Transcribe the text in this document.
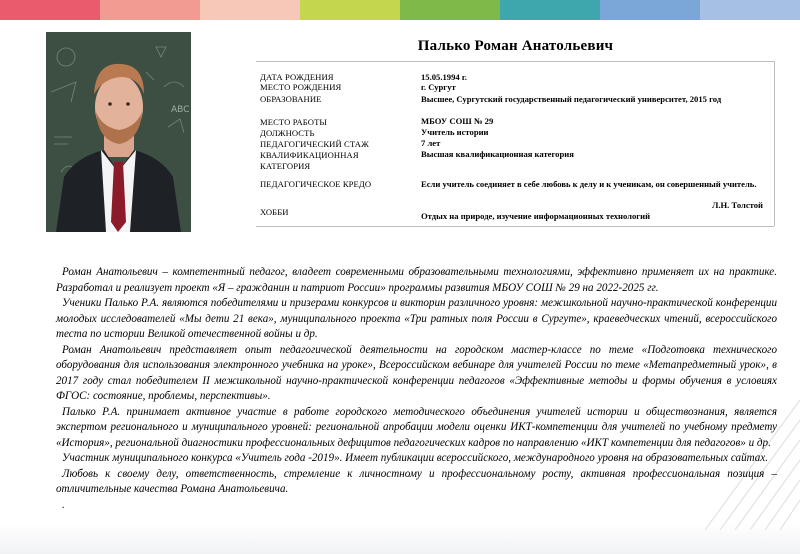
ABC
Палько Роман Анатольевич
ДАТА РОЖДЕНИЯ	15.05.1994 г.
МЕСТО РОЖДЕНИЯ	г. Сургут
ОБРАЗОВАНИЕ	Высшее, Сургутский государственный педагогический университет, 2015 год
МЕСТО РАБОТЫ	МБОУ СОШ № 29
ДОЛЖНОСТЬ	Учитель истории
ПЕДАГОГИЧЕСКИЙ СТАЖ	7 лет
КВАЛИФИКАЦИОННАЯ	Высшая квалификационная категория
КАТЕГОРИЯ
ПЕДАГОГИЧЕСКОЕ КРЕДО	Если учитель соединяет в себе любовь к делу и к ученикам, он совершенный учитель.
Л.Н. Толстой
ХОББИ	Отдых на природе, изучение информационных технологий

Роман Анатольевич – компетентный педагог, владеет современными образовательными технологиями, эффективно применяет их на практике. Разработал и реализует проект «Я – гражданин и патриот России» программы развития МБОУ СОШ № 29 на 2022-2025 гг.

Ученики Палько Р.А. являются победителями и призерами конкурсов и викторин различного уровня: межшкольной научно-практической конференции молодых исследователей «Мы дети 21 века», муниципального проекта «Три ратных поля России в Сургуте», краеведческих чтений, всероссийского теста по истории Великой отечественной войны и др.

Роман Анатольевич представляет опыт педагогической деятельности на городском мастер-классе по теме «Подготовка технического оборудования для использования электронного учебника на уроке», Всероссийском вебинаре для учителей России по теме «Метапредметный урок», в 2017 году стал победителем II межшкольной научно-практической конференции педагогов «Эффективные методы и формы обучения в условиях ФГОС: состояние, проблемы, перспективы».

Палько Р.А. принимает активное участие в работе городского методического объединения учителей истории и обществознания, является экспертом регионального и муниципального уровней: региональной апробации модели оценки ИКТ-компетенции для учителей по учебному предмету «История», региональной диагностики профессиональных дефицитов педагогических кадров по направлению «ИКТ компетенции для педагогов» и др.

Участник муниципального конкурса «Учитель года -2019». Имеет публикации всероссийского, международного уровня на образовательных сайтах.

Любовь к своему делу, ответственность, стремление к личностному и профессиональному росту, активная профессиональная позиция – отличительные качества Романа Анатольевича.

.
